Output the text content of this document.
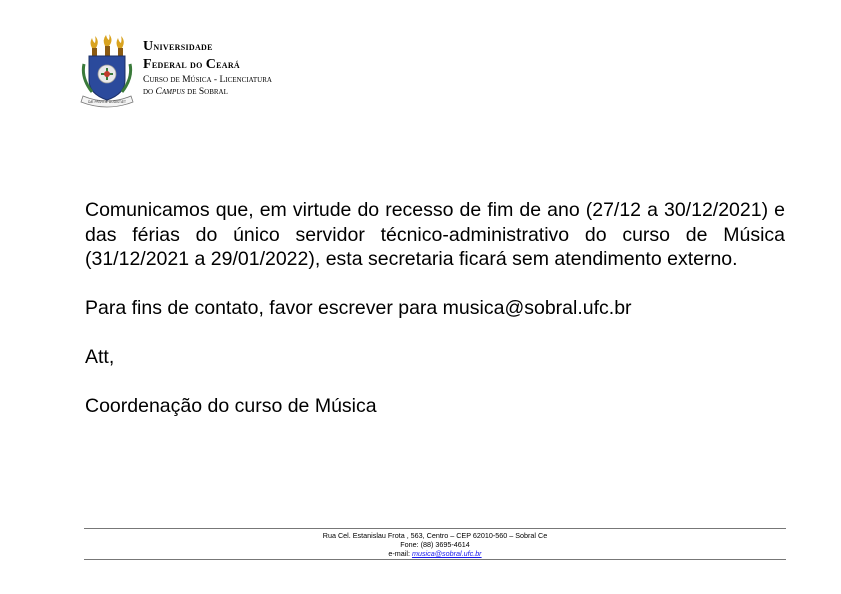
DÆ PRIVITÆ DUDISTÆT
Universidade
Federal do Ceará
Curso de Música - Licenciatura
do Campus de Sobral

Comunicamos que, em virtude do recesso de fim de ano (27/12 a 30/12/2021) e das férias do único servidor técnico-administrativo do curso de Música (31/12/2021 a 29/01/2022), esta secretaria ficará sem atendimento externo.

Para fins de contato, favor escrever para musica@sobral.ufc.br

Att,

Coordenação do curso de Música

Rua Cel. Estanislau Frota , 563, Centro – CEP 62010-560 – Sobral Ce
Fone: (88) 3695-4614
e-mail: musica@sobral.ufc.br
